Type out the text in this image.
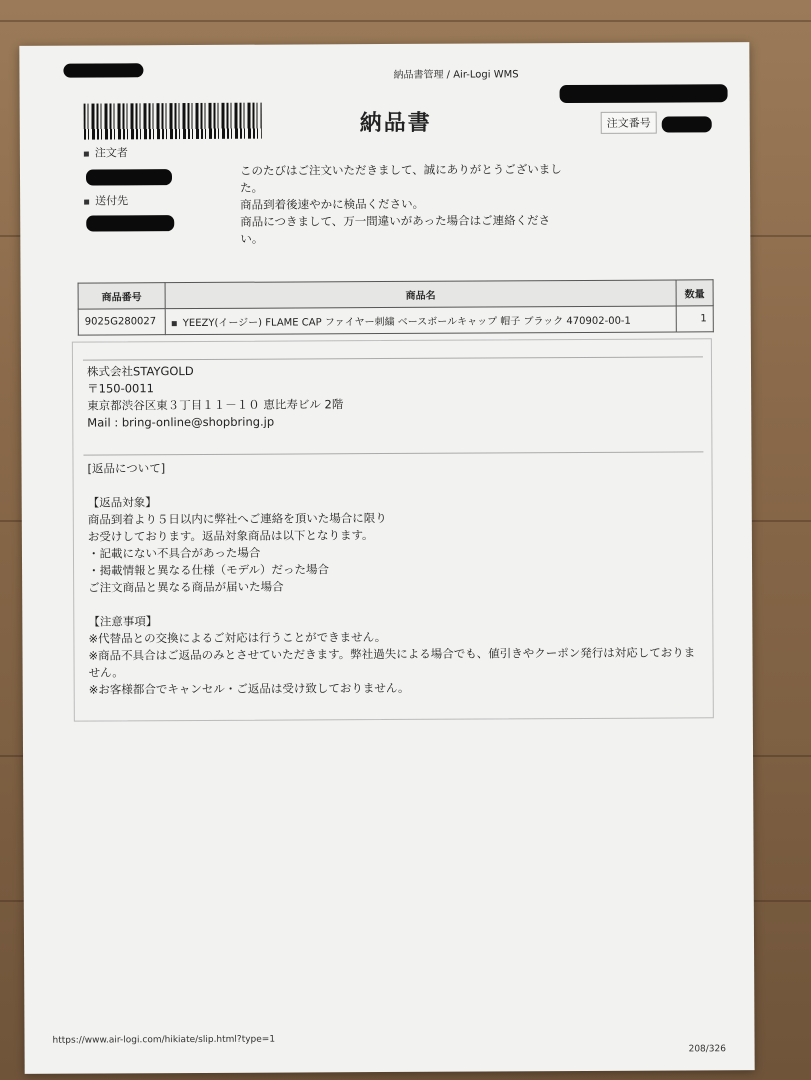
納品書管理 / Air-Logi WMS
納品書	注文番号
注文者
送付先
このたびはご注文いただきまして、誠にありがとうございまし
た。
商品到着後速やかに検品ください。
商品につきまして、万一間違いがあった場合はご連絡くださ
い。
商品番号	商品名	数量
9025G280027	YEEZY(イージー) FLAME CAP ファイヤー刺繍 ベースボールキャップ 帽子 ブラック 470902-00-1	1
株式会社STAYGOLD
〒150-0011
東京都渋谷区東３丁目１１－１０ 恵比寿ビル 2階
Mail : bring-online@shopbring.jp
[返品について]
【返品対象】
商品到着より５日以内に弊社へご連絡を頂いた場合に限り
お受けしております。返品対象商品は以下となります。
・記載にない不具合があった場合
・掲載情報と異なる仕様（モデル）だった場合
ご注文商品と異なる商品が届いた場合
【注意事項】
※代替品との交換によるご対応は行うことができません。
※商品不具合はご返品のみとさせていただきます。弊社過失による場合でも、値引きやクーポン発行は対応しておりま
せん。
※お客様都合でキャンセル・ご返品は受け致しておりません。
https://www.air-logi.com/hikiate/slip.html?type=1
208/326
